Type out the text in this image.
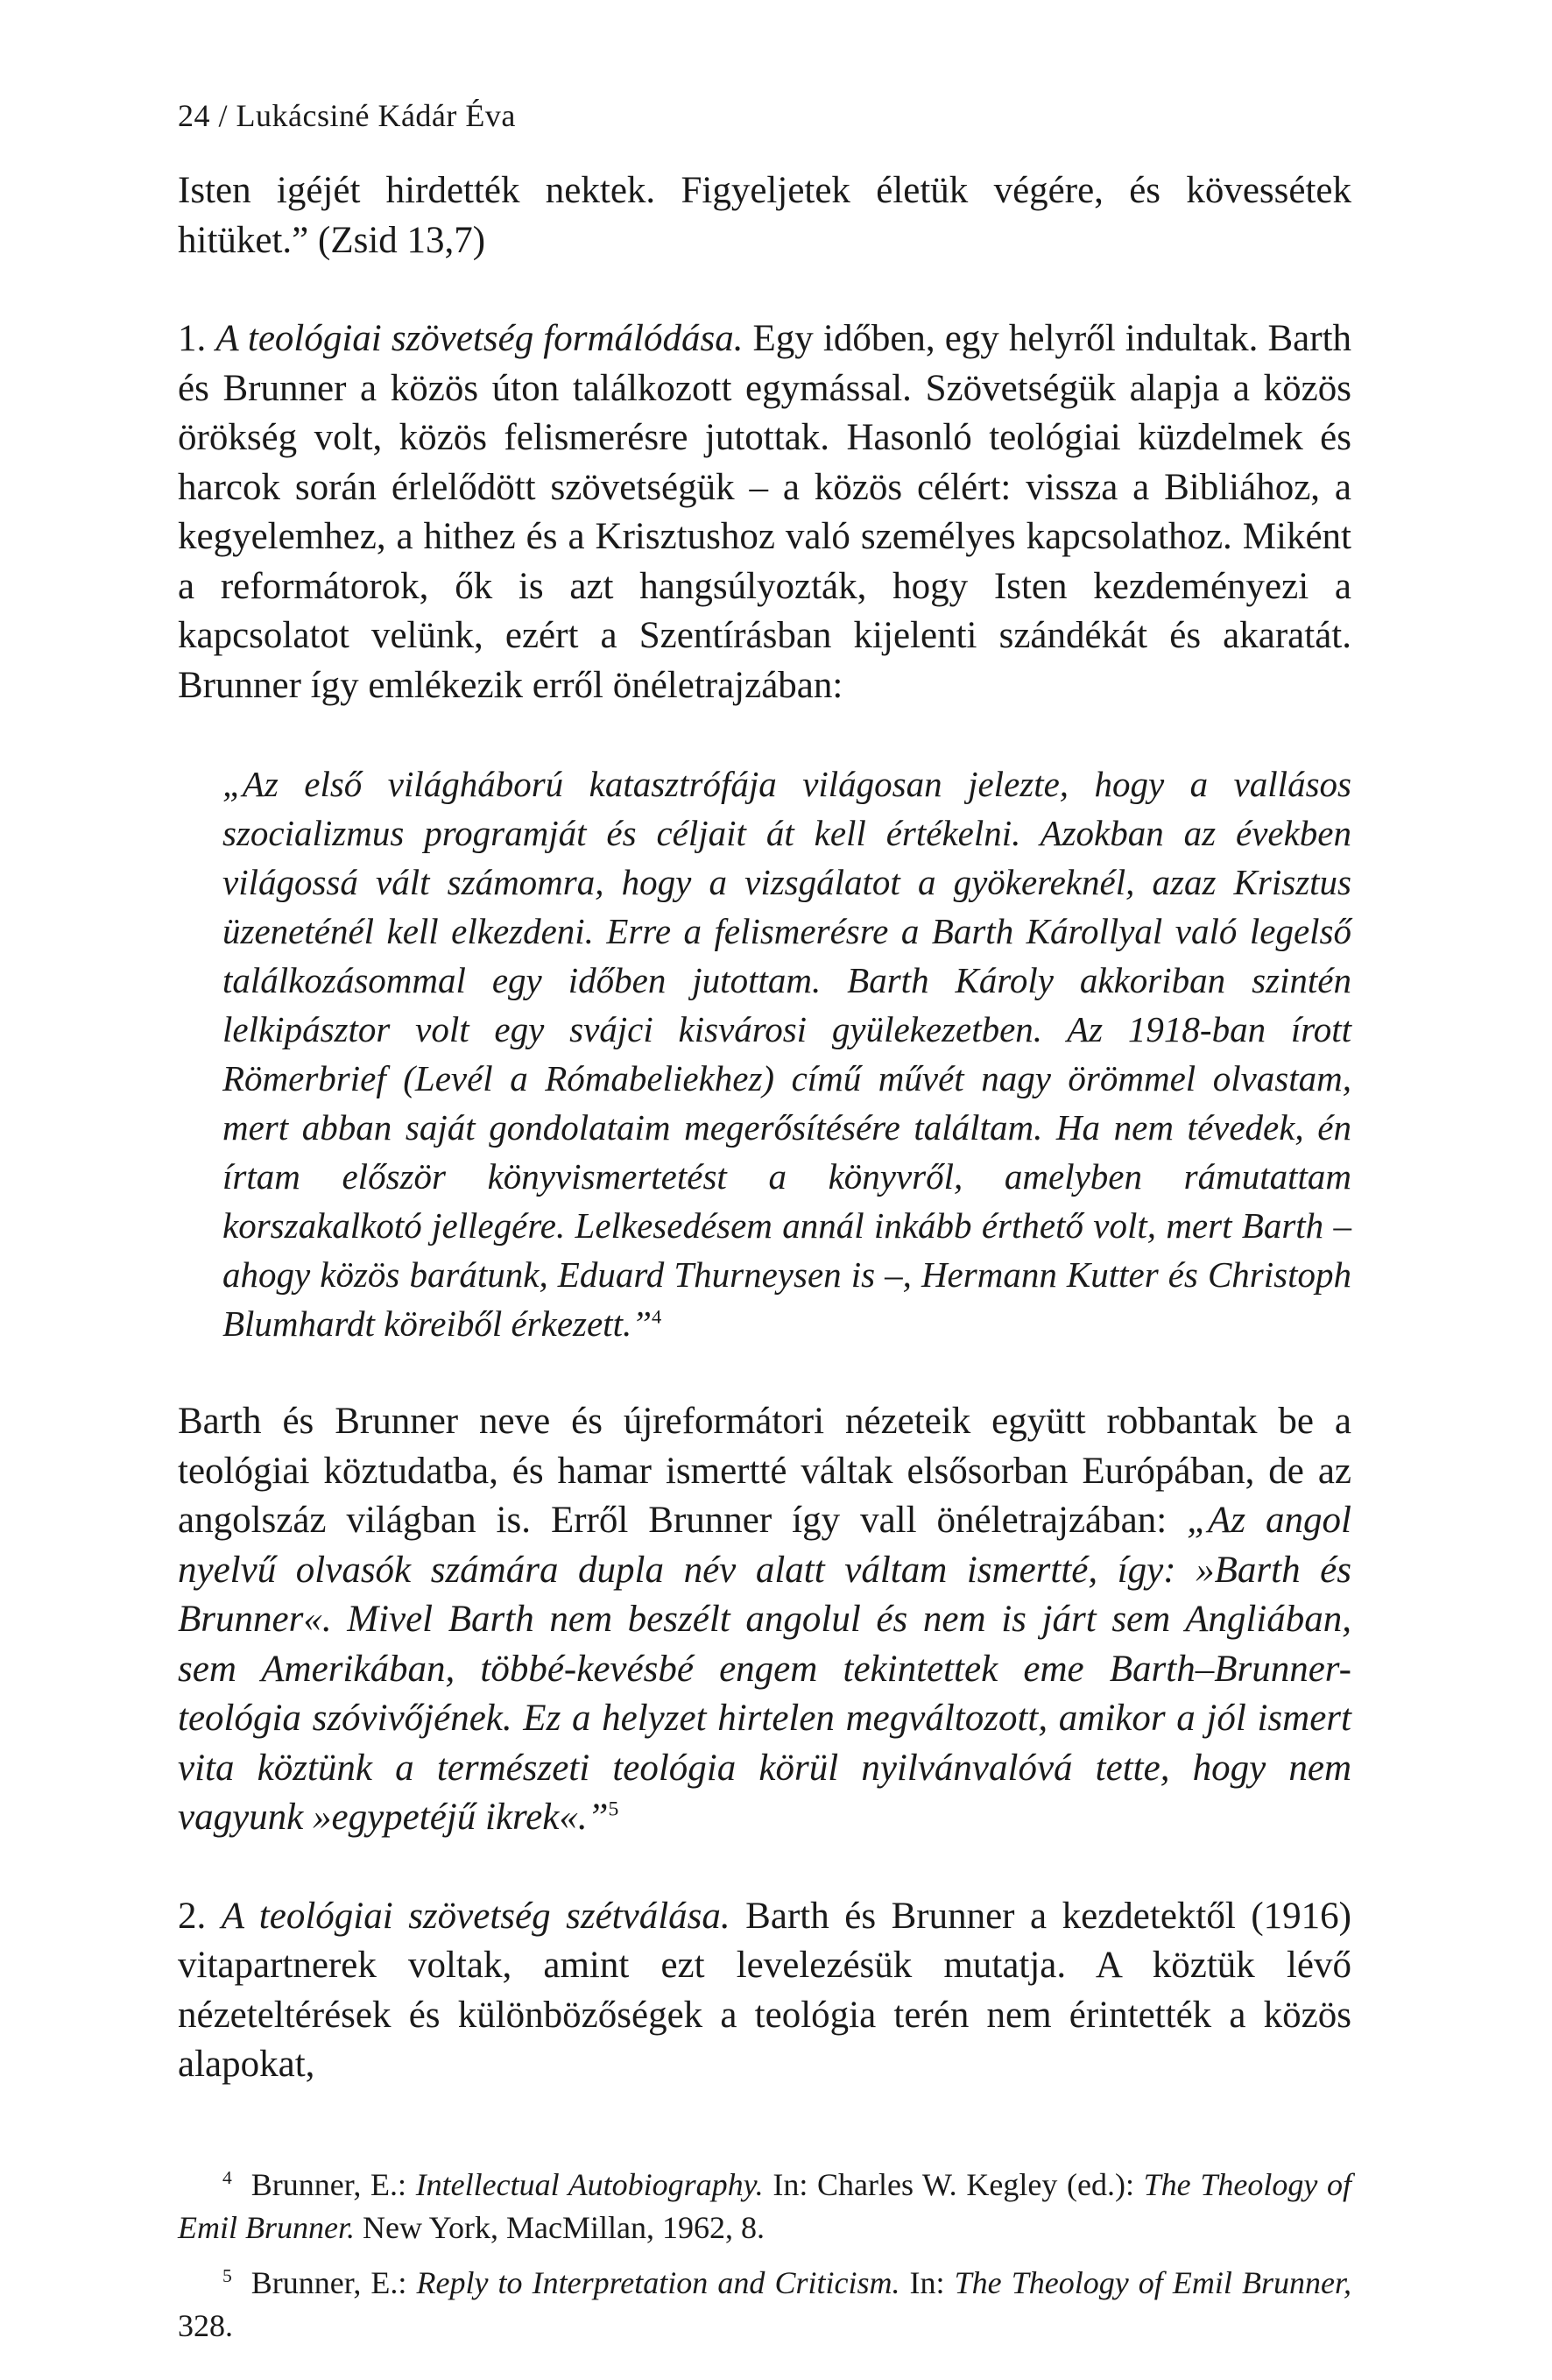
24 / Lukácsiné Kádár Éva

Isten igéjét hirdették nektek. Figyeljetek életük végére, és kövessétek hitüket.” (Zsid 13,7)

1. A teológiai szövetség formálódása. Egy időben, egy helyről indultak. Barth és Brunner a közös úton találkozott egymással. Szövetségük alapja a közös örökség volt, közös felismerésre jutottak. Hasonló teológiai küzdelmek és harcok során érlelődött szövetségük – a közös célért: vissza a Bibliához, a kegyelemhez, a hithez és a Krisztushoz való személyes kapcsolathoz. Miként a reformátorok, ők is azt hangsúlyozták, hogy Isten kezdeményezi a kapcsolatot velünk, ezért a Szentírásban kijelenti szándékát és akaratát. Brunner így emlékezik erről önéletrajzában:

„Az első világháború katasztrófája világosan jelezte, hogy a vallásos szocializmus programját és céljait át kell értékelni. Azokban az években világossá vált számomra, hogy a vizsgálatot a gyökereknél, azaz Krisztus üzeneténél kell elkezdeni. Erre a felismerésre a Barth Károllyal való legelső találkozásommal egy időben jutottam. Barth Károly akkoriban szintén lelkipásztor volt egy svájci kisvárosi gyülekezetben. Az 1918-ban írott Römerbrief (Levél a Rómabeliekhez) című művét nagy örömmel olvastam, mert abban saját gondolataim megerősítésére találtam. Ha nem tévedek, én írtam először könyvismertetést a könyvről, amelyben rámutattam korszakalkotó jellegére. Lelkesedésem annál inkább érthető volt, mert Barth – ahogy közös barátunk, Eduard Thurneysen is –, Hermann Kutter és Christoph Blumhardt köreiből érkezett.”$^4$

Barth és Brunner neve és újreformátori nézeteik együtt robbantak be a teológiai köztudatba, és hamar ismertté váltak elsősorban Európában, de az angolszáz világban is. Erről Brunner így vall önéletrajzában: „Az angol nyelvű olvasók számára dupla név alatt váltam ismertté, így: »Barth és Brunner«. Mivel Barth nem beszélt angolul és nem is járt sem Angliában, sem Amerikában, többé-kevésbé engem tekintettek eme Barth–Brunner-teológia szóvivőjének. Ez a helyzet hirtelen megváltozott, amikor a jól ismert vita köztünk a természeti teológia körül nyilvánvalóvá tette, hogy nem vagyunk »egypetéjű ikrek«.”$^5$

2. A teológiai szövetség szétválása. Barth és Brunner a kezdetektől (1916) vitapartnerek voltak, amint ezt levelezésük mutatja. A köztük lévő nézeteltérések és különbözőségek a teológia terén nem érintették a közös alapokat,

$^4$ Brunner, E.: Intellectual Autobiography. In: Charles W. Kegley (ed.): The Theology of Emil Brunner. New York, MacMillan, 1962, 8.

$^5$ Brunner, E.: Reply to Interpretation and Criticism. In: The Theology of Emil Brunner, 328.
